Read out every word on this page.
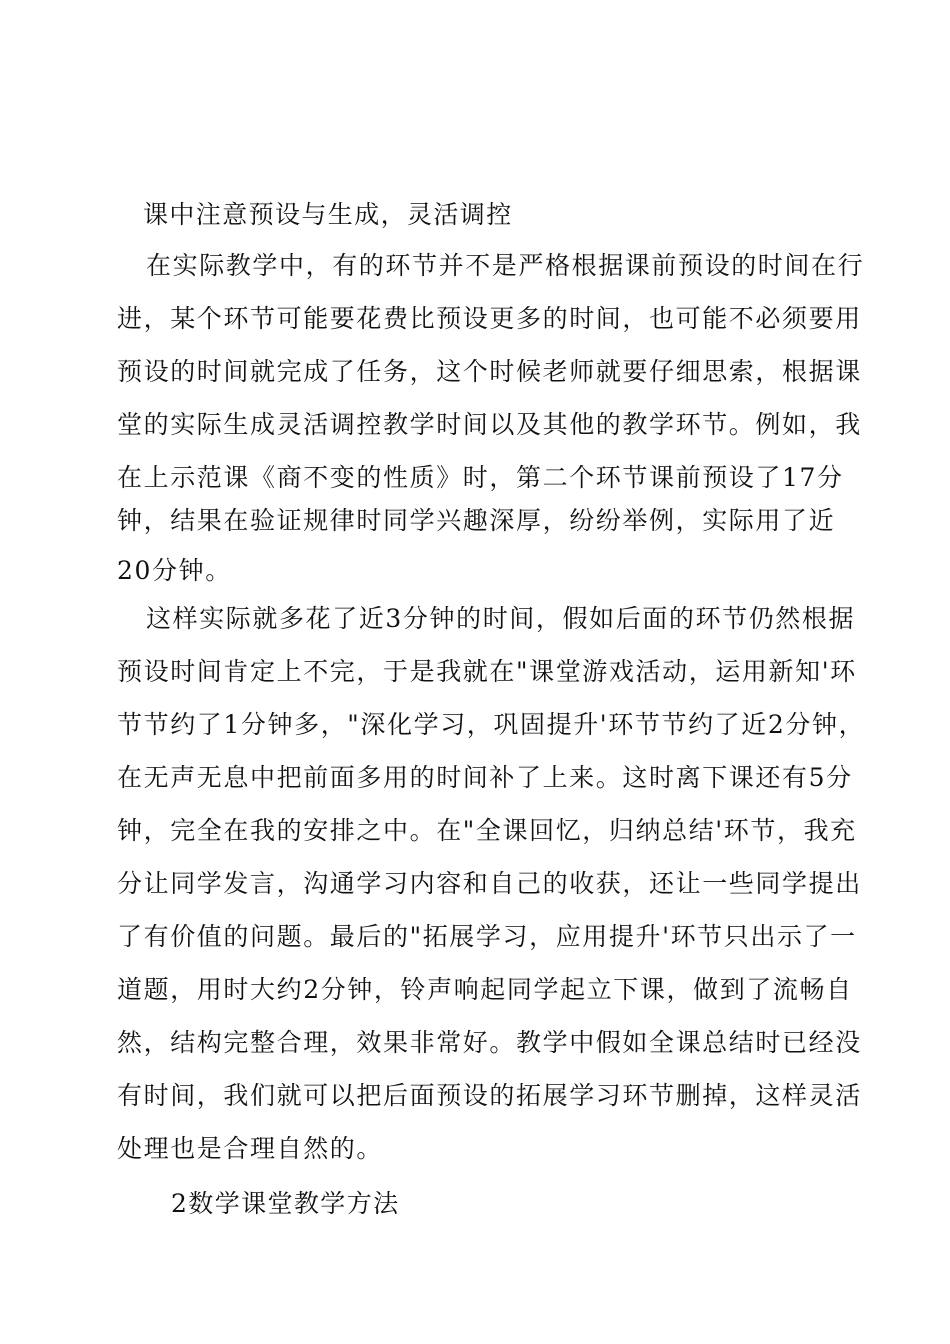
课中注意预设与生成，灵活调控
在实际教学中，有的环节并不是严格根据课前预设的时间在行
进，某个环节可能要花费比预设更多的时间，也可能不必须要用
预设的时间就完成了任务，这个时候老师就要仔细思索，根据课
堂的实际生成灵活调控教学时间以及其他的教学环节。例如，我
在上示范课《商不变的性质》时，第二个环节课前预设了17分
钟，结果在验证规律时同学兴趣深厚，纷纷举例，实际用了近
20分钟。
这样实际就多花了近3分钟的时间，假如后面的环节仍然根据
预设时间肯定上不完，于是我就在"课堂游戏活动，运用新知'环
节节约了1分钟多，"深化学习，巩固提升'环节节约了近2分钟，
在无声无息中把前面多用的时间补了上来。这时离下课还有5分
钟，完全在我的安排之中。在"全课回忆，归纳总结'环节，我充
分让同学发言，沟通学习内容和自己的收获，还让一些同学提出
了有价值的问题。最后的"拓展学习，应用提升'环节只出示了一
道题，用时大约2分钟，铃声响起同学起立下课，做到了流畅自
然，结构完整合理，效果非常好。教学中假如全课总结时已经没
有时间，我们就可以把后面预设的拓展学习环节删掉，这样灵活
处理也是合理自然的。
2数学课堂教学方法
